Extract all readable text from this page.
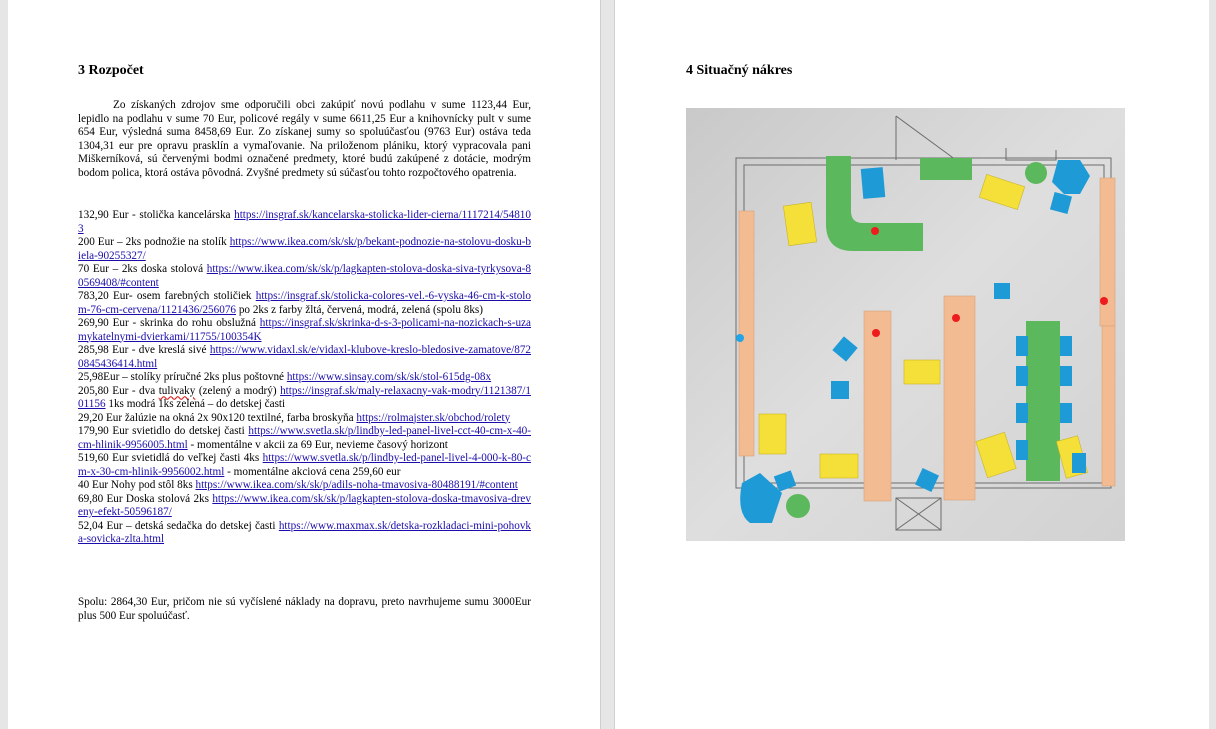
3 Rozpočet

Zo získaných zdrojov sme odporučili obci zakúpiť novú podlahu v sume 1123,44 Eur, lepidlo na podlahu v sume 70 Eur, policové regály v sume 6611,25 Eur a knihovnícky pult v sume 654 Eur, výsledná suma 8458,69 Eur. Zo získanej sumy so spoluúčasťou (9763 Eur) ostáva teda 1304,31 eur pre opravu prasklín a vymaľovanie. Na priloženom plániku, ktorý vypracovala pani Miškerníková, sú červenými bodmi označené predmety, ktoré budú zakúpené z dotácie, modrým bodom polica, ktorá ostáva pôvodná. Zvyšné predmety sú súčasťou tohto rozpočtového opatrenia.

132,90 Eur - stolička kancelárska https://insgraf.sk/kancelarska-stolicka-lider-cierna/1117214/548103
200 Eur – 2ks podnožie na stolík https://www.ikea.com/sk/sk/p/bekant-podnozie-na-stolovu-dosku-biela-90255327/
70 Eur – 2ks doska stolová https://www.ikea.com/sk/sk/p/lagkapten-stolova-doska-siva-tyrkysova-80569408/#content
783,20 Eur- osem farebných stoličiek https://insgraf.sk/stolicka-colores-vel.-6-vyska-46-cm-k-stolom-76-cm-cervena/1121436/256076 po 2ks z farby žltá, červená, modrá, zelená (spolu 8ks)
269,90 Eur - skrinka do rohu obslužná https://insgraf.sk/skrinka-d-s-3-policami-na-nozickach-s-uzamykatelnymi-dvierkami/11755/100354K
285,98 Eur - dve kreslá sivé https://www.vidaxl.sk/e/vidaxl-klubove-kreslo-bledosive-zamatove/8720845436414.html
25,98Eur – stolíky príručné 2ks plus poštovné https://www.sinsay.com/sk/sk/stol-615dg-08x
205,80 Eur - dva tulivaky (zelený a modrý) https://insgraf.sk/maly-relaxacny-vak-modry/1121387/101156 1ks modrá 1ks zelená – do detskej časti
29,20 Eur žalúzie na okná 2x 90x120 textilné, farba broskyňa https://rolmajster.sk/obchod/rolety
179,90 Eur svietidlo do detskej časti https://www.svetla.sk/p/lindby-led-panel-livel-cct-40-cm-x-40-cm-hlinik-9956005.html - momentálne v akcii za 69 Eur, nevieme časový horizont
519,60 Eur svietidlá do veľkej časti 4ks https://www.svetla.sk/p/lindby-led-panel-livel-4-000-k-80-cm-x-30-cm-hlinik-9956002.html - momentálne akciová cena 259,60 eur
40 Eur Nohy pod stôl 8ks https://www.ikea.com/sk/sk/p/adils-noha-tmavosiva-80488191/#content
69,80 Eur Doska stolová 2ks https://www.ikea.com/sk/sk/p/lagkapten-stolova-doska-tmavosiva-dreveny-efekt-50596187/
52,04 Eur – detská sedačka do detskej časti https://www.maxmax.sk/detska-rozkladaci-mini-pohovka-sovicka-zlta.html
Spolu: 2864,30 Eur, pričom nie sú vyčíslené náklady na dopravu, preto navrhujeme sumu 3000Eur plus 500 Eur spoluúčasť.
4 Situačný nákres
